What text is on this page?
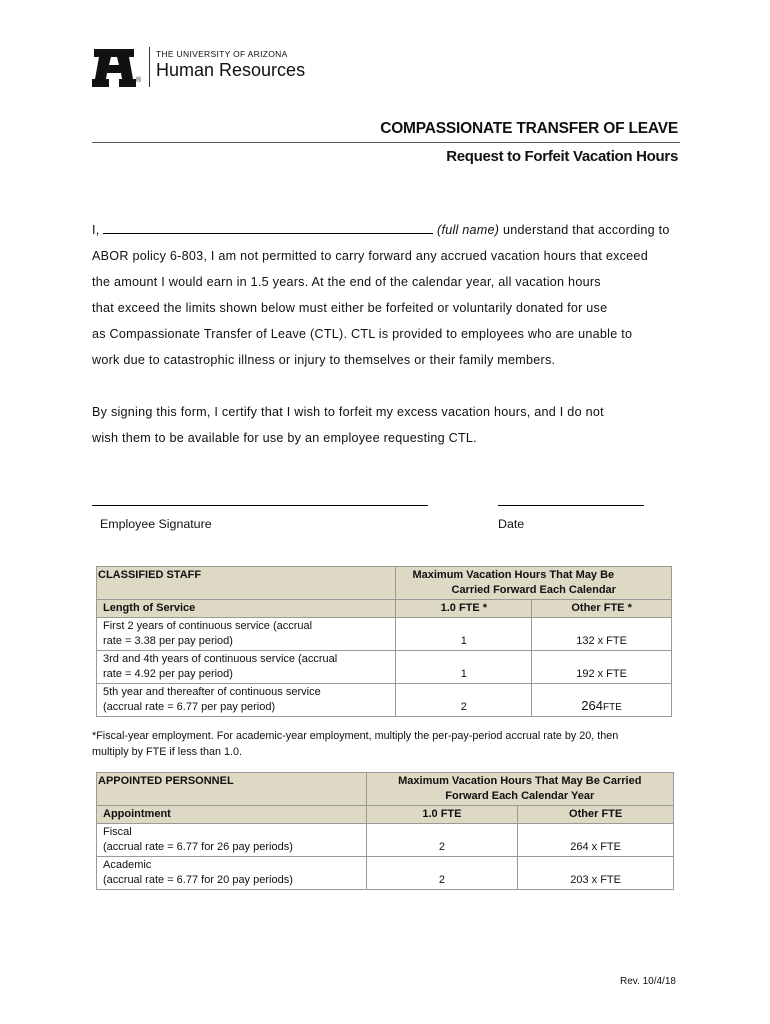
®
THE UNIVERSITY OF ARIZONA
Human Resources
COMPASSIONATE TRANSFER OF LEAVE
Request to Forfeit Vacation Hours

I,	(full name) understand that according to

ABOR policy 6-803, I am not permitted to carry forward any accrued vacation hours that exceed

the amount I would earn in 1.5 years. At the end of the calendar year, all vacation hours

that exceed the limits shown below must either be forfeited or voluntarily donated for use

as Compassionate Transfer of Leave (CTL). CTL is provided to employees who are unable to

work due to catastrophic illness or injury to themselves or their family members.

By signing this form, I certify that I wish to forfeit my excess vacation hours, and I do not

wish them to be available for use by an employee requesting CTL.

Employee Signature	Date
CLASSIFIED STAFF	Maximum Vacation Hours That May Be
Carried Forward Each Calendar	

Length of Service	1.0 FTE *	Other FTE *

First 2 years of continuous service (accrual
rate = 3.38 per pay period)	1	132 x FTE

3rd and 4th years of continuous service (accrual
rate = 4.92 per pay period)	1	192 x FTE

5th year and thereafter of continuous service
(accrual rate = 6.77 per pay period)	2	264FTE
*Fiscal-year employment. For academic-year employment, multiply the per-pay-period accrual rate by 20, then
multiply by FTE if less than 1.0.
APPOINTED PERSONNEL	Maximum Vacation Hours That May Be Carried
Forward Each Calendar Year	

Appointment	1.0 FTE	Other FTE

Fiscal
(accrual rate = 6.77 for 26 pay periods)	2	264 x FTE

Academic
(accrual rate = 6.77 for 20 pay periods)	2	203 x FTE
Rev. 10/4/18
